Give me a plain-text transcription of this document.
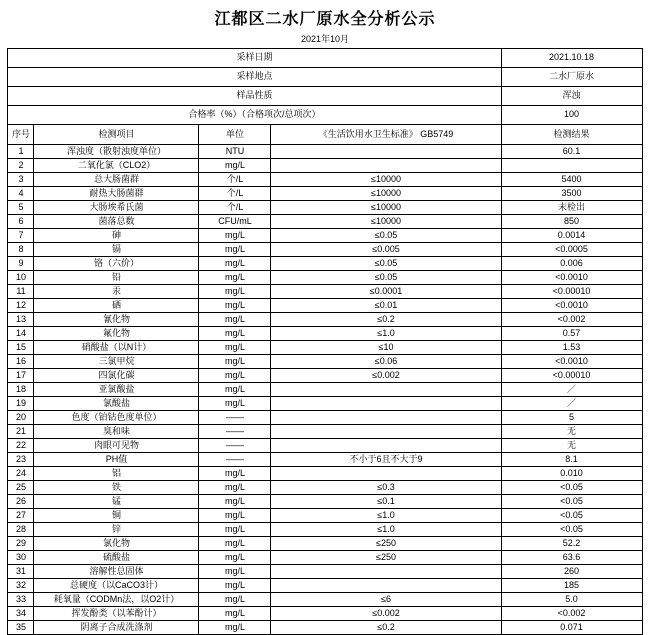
江都区二水厂原水全分析公示
2021年10月
采样日期				2021.10.18
采样地点				二水厂原水
样品性质				浑浊
合格率（%）（合格项次/总项次）				100
序号	检测项目	单位	《生活饮用水卫生标准》 GB5749	检测结果
1	浑浊度（散射浊度单位）	NTU		60.1
2	二氧化氯（CLO2）	mg/L		
3	总大肠菌群	个/L	≤10000	5400
4	耐热大肠菌群	个/L	≤10000	3500
5	大肠埃希氏菌	个/L	≤10000	未检出
6	菌落总数	CFU/mL	≤10000	850
7	砷	mg/L	≤0.05	0.0014
8	镉	mg/L	≤0.005	<0.0005
9	铬（六价）	mg/L	≤0.05	0.006
10	铅	mg/L	≤0.05	<0.0010
11	汞	mg/L	≤0.0001	<0.00010
12	硒	mg/L	≤0.01	<0.0010
13	氰化物	mg/L	≤0.2	<0.002
14	氟化物	mg/L	≤1.0	0.57
15	硝酸盐（以N计）	mg/L	≤10	1.53
16	三氯甲烷	mg/L	≤0.06	<0.0010
17	四氯化碳	mg/L	≤0.002	<0.00010
18	亚氯酸盐	mg/L		／
19	氯酸盐	mg/L		／
20	色度（铂钴色度单位）	——		5
21	臭和味	——		无
22	肉眼可见物	——		无
23	PH值	——	不小于6且不大于9	8.1
24	铝	mg/L		0.010
25	铁	mg/L	≤0.3	<0.05
26	锰	mg/L	≤0.1	<0.05
27	铜	mg/L	≤1.0	<0.05
28	锌	mg/L	≤1.0	<0.05
29	氯化物	mg/L	≤250	52.2
30	硫酸盐	mg/L	≤250	63.6
31	溶解性总固体	mg/L		260
32	总硬度（以CaCO3计）	mg/L		185
33	耗氧量（CODMn法，以O2计）	mg/L	≤6	5.0
34	挥发酚类（以苯酚计）	mg/L	≤0.002	<0.002
35	阴离子合成洗涤剂	mg/L	≤0.2	0.071
